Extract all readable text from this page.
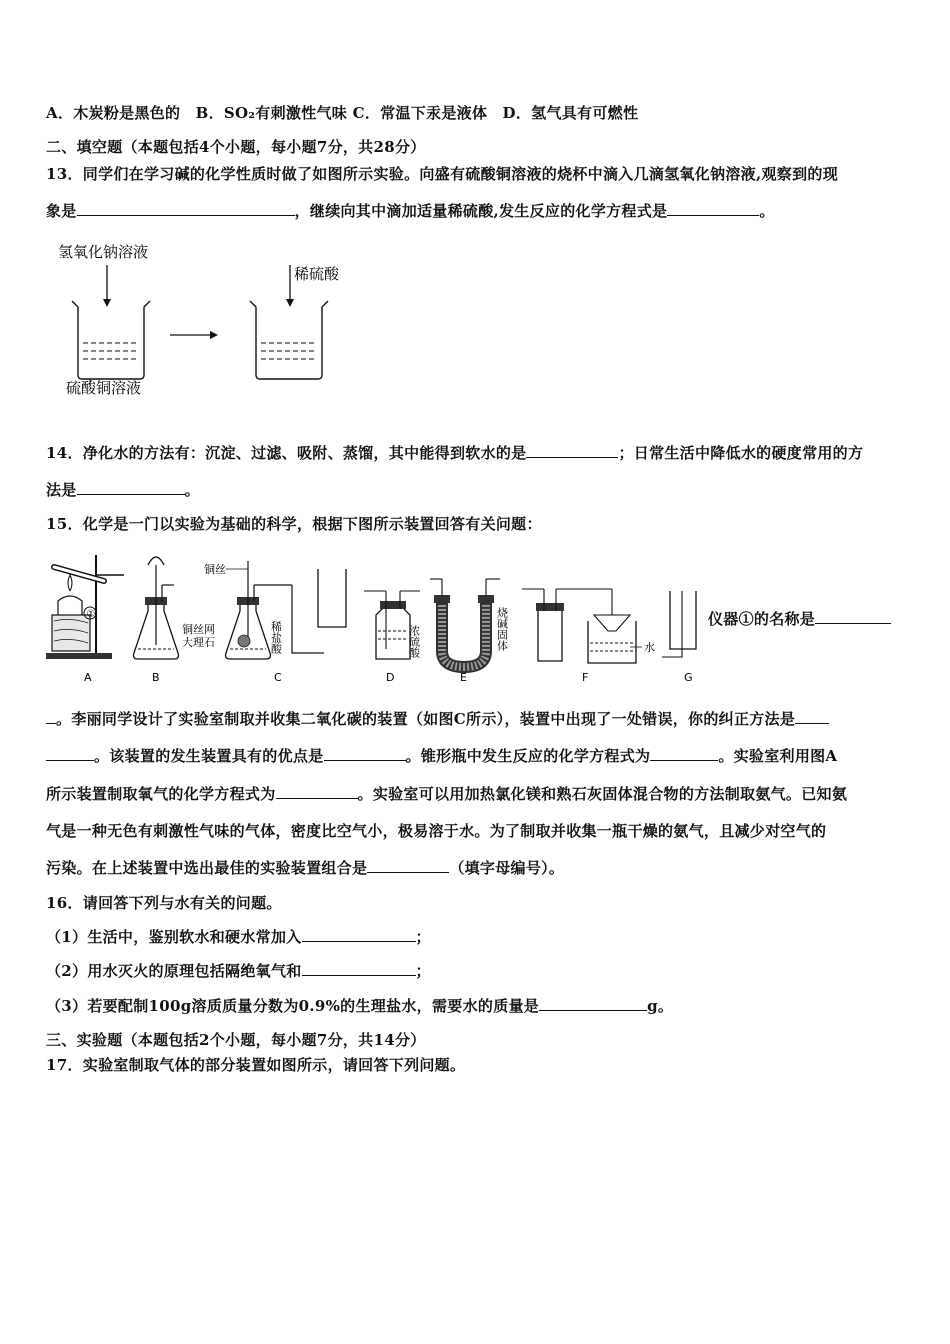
A．木炭粉是黑色的　B．SO₂有刺激性气味 C．常温下汞是液体　D．氢气具有可燃性
二、填空题（本题包括4个小题，每小题7分，共28分）
13．同学们在学习碱的化学性质时做了如图所示实验。向盛有硫酸铜溶液的烧杯中滴入几滴氢氧化钠溶液,观察到的现
象是	，继续向其中滴加适量稀硫酸,发生反应的化学方程式是	。
氢氧化钠溶液
硫酸铜溶液
稀硫酸
14．净化水的方法有：沉淀、过滤、吸附、蒸馏，其中能得到软水的是	；日常生活中降低水的硬度常用的方
法是	。
15．化学是一门以实验为基础的科学，根据下图所示装置回答有关问题：
①
铜丝
铜丝网
大理石	稀盐酸	浓硫酸	烧碱固体	水
A	B	C	D	E	F	G
仪器①的名称是
。李丽同学设计了实验室制取并收集二氧化碳的装置（如图C所示），装置中出现了一处错误，你的纠正方法是
。该装置的发生装置具有的优点是	。锥形瓶中发生反应的化学方程式为	。实验室利用图A
所示装置制取氧气的化学方程式为	。实验室可以用加热氯化镁和熟石灰固体混合物的方法制取氨气。已知氨
气是一种无色有刺激性气味的气体，密度比空气小，极易溶于水。为了制取并收集一瓶干燥的氨气，且减少对空气的
污染。在上述装置中选出最佳的实验装置组合是	（填字母编号）。
16．请回答下列与水有关的问题。
（1）生活中，鉴别软水和硬水常加入	；
（2）用水灭火的原理包括隔绝氧气和	；
（3）若要配制100g溶质质量分数为0.9%的生理盐水，需要水的质量是	g。
三、实验题（本题包括2个小题，每小题7分，共14分）
17．实验室制取气体的部分装置如图所示，请回答下列问题。
